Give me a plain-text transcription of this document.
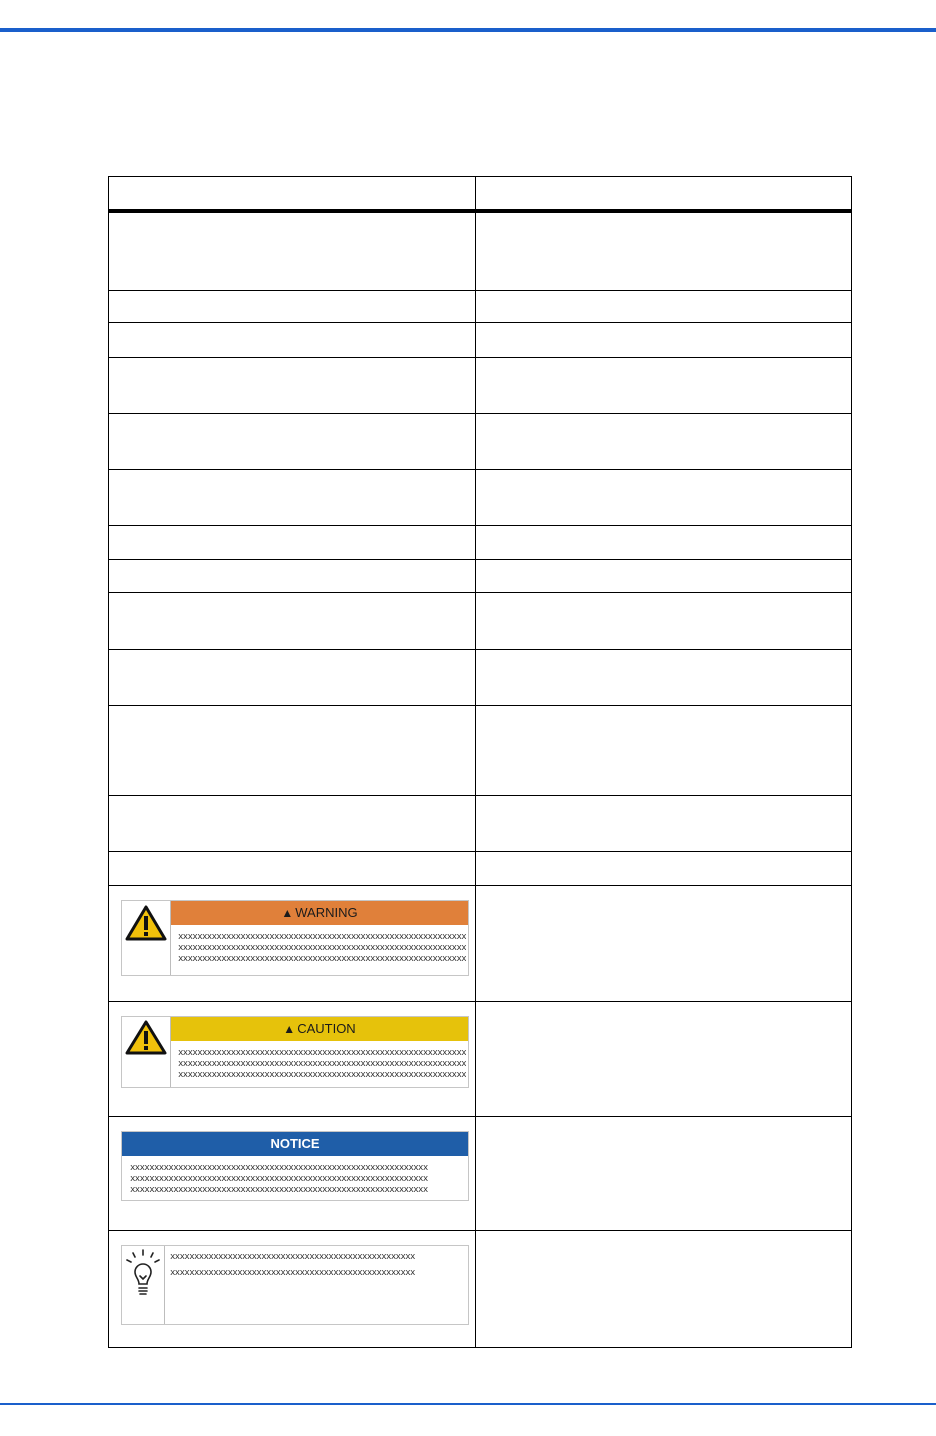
▲ WARNING
xxxxxxxxxxxxxxxxxxxxxxxxxxxxxxxxxxxxxxxxxxxxxxxxxxxxxxxxxxxx
xxxxxxxxxxxxxxxxxxxxxxxxxxxxxxxxxxxxxxxxxxxxxxxxxxxxxxxxxxxx
xxxxxxxxxxxxxxxxxxxxxxxxxxxxxxxxxxxxxxxxxxxxxxxxxxxxxxxxxxxx	

▲ CAUTION
xxxxxxxxxxxxxxxxxxxxxxxxxxxxxxxxxxxxxxxxxxxxxxxxxxxxxxxxxxxx
xxxxxxxxxxxxxxxxxxxxxxxxxxxxxxxxxxxxxxxxxxxxxxxxxxxxxxxxxxxx
xxxxxxxxxxxxxxxxxxxxxxxxxxxxxxxxxxxxxxxxxxxxxxxxxxxxxxxxxxxx	

NOTICE
xxxxxxxxxxxxxxxxxxxxxxxxxxxxxxxxxxxxxxxxxxxxxxxxxxxxxxxxxxxxxx
xxxxxxxxxxxxxxxxxxxxxxxxxxxxxxxxxxxxxxxxxxxxxxxxxxxxxxxxxxxxxx
xxxxxxxxxxxxxxxxxxxxxxxxxxxxxxxxxxxxxxxxxxxxxxxxxxxxxxxxxxxxxx	

xxxxxxxxxxxxxxxxxxxxxxxxxxxxxxxxxxxxxxxxxxxxxxxxxxx
xxxxxxxxxxxxxxxxxxxxxxxxxxxxxxxxxxxxxxxxxxxxxxxxxxx	
